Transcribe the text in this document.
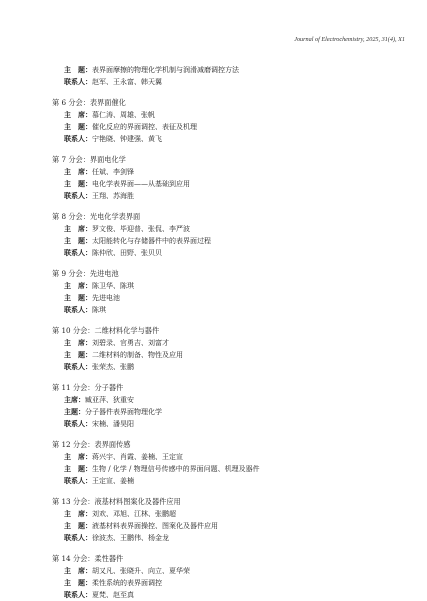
Journal of Electrochemistry, 2025, 31(4), X1
主　题：表界面摩擦的物理化学机制与润滑减磨调控方法
联系人：赵军、王永富、韩天翼
第 6 分会：表界面催化
主　席：慕仁涛、周雄、张帆
主　题：催化反应的界面调控、表征及机理
联系人：宁艳晓、钟建强、黄飞
第 7 分会：界面电化学
主　席：任斌、李剑锋
主　题：电化学表界面——从基础到应用
联系人：王翔、苏海胜
第 8 分会：光电化学表界面
主　席：罗文俊、毕迎普、张侃、李严波
主　题：太阳能转化与存储器件中的表界面过程
联系人：陈仲欣、田野、张贝贝
第 9 分会：先进电池
主　席：陈卫华、陈琪
主　题：先进电池
联系人：陈琪
第 10 分会：二维材料化学与器件
主　席：刘碧录、官勇吉、刘富才
主　题：二维材料的制备、物性及应用
联系人：张荣杰、张鹏
第 11 分会：分子器件
主席：臧亚萍、狄重安
主题：分子器件表界面物理化学
联系人：宋楠、潘昊阳
第 12 分会：表界面传感
主　席：蒋兴宇、肖霞、姜楠、王定宣
主　题：生物 / 化学 / 物理信号传感中的界面问题、机理及器件
联系人：王定宣、姜楠
第 13 分会：液基材料图案化及器件应用
主　席：刘欢、邓旭、江林、张鹏超
主　题：液基材料表界面操控、图案化及器件应用
联系人：徐波杰、王鹏伟、杨金龙
第 14 分会：柔性器件
主　席：胡又凡、张晓升、向立、夏华荣
主　题：柔性系统的表界面调控
联系人：夏梵、赵至真
